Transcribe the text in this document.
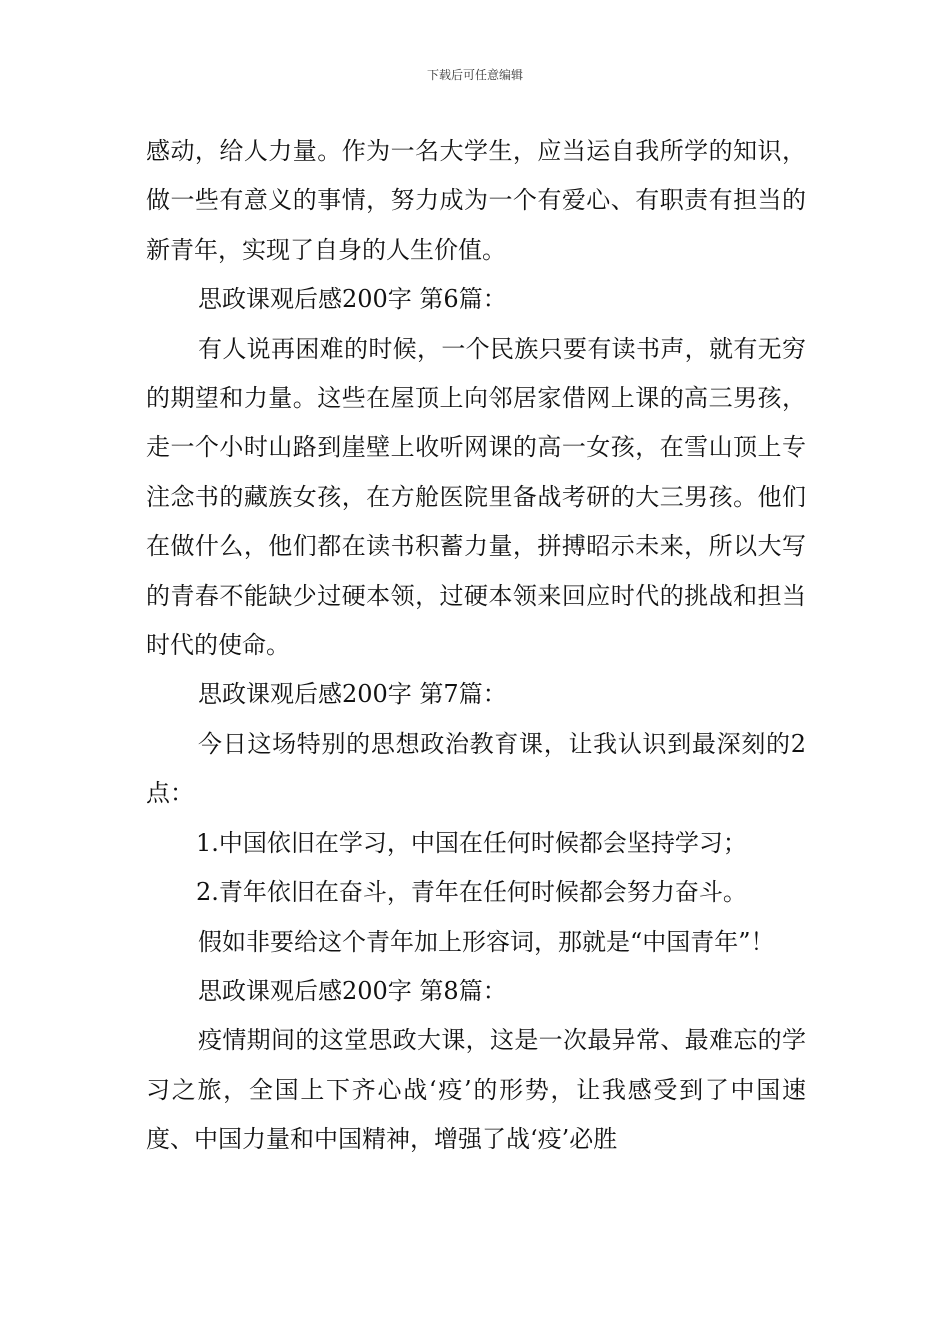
下载后可任意编辑

感动，给人力量。作为一名大学生，应当运自我所学的知识，做一些有意义的事情，努力成为一个有爱心、有职责有担当的新青年，实现了自身的人生价值。

思政课观后感200字 第6篇：

有人说再困难的时候，一个民族只要有读书声，就有无穷的期望和力量。这些在屋顶上向邻居家借网上课的高三男孩，走一个小时山路到崖壁上收听网课的高一女孩，在雪山顶上专注念书的藏族女孩，在方舱医院里备战考研的大三男孩。他们在做什么，他们都在读书积蓄力量，拼搏昭示未来，所以大写的青春不能缺少过硬本领，过硬本领来回应时代的挑战和担当时代的使命。

思政课观后感200字 第7篇：

今日这场特别的思想政治教育课，让我认识到最深刻的2点：

1.中国依旧在学习，中国在任何时候都会坚持学习；

2.青年依旧在奋斗，青年在任何时候都会努力奋斗。

假如非要给这个青年加上形容词，那就是“中国青年”！

思政课观后感200字 第8篇：

疫情期间的这堂思政大课，这是一次最异常、最难忘的学习之旅，全国上下齐心战‘疫’的形势，让我感受到了中国速度、中国力量和中国精神，增强了战‘疫’必胜
